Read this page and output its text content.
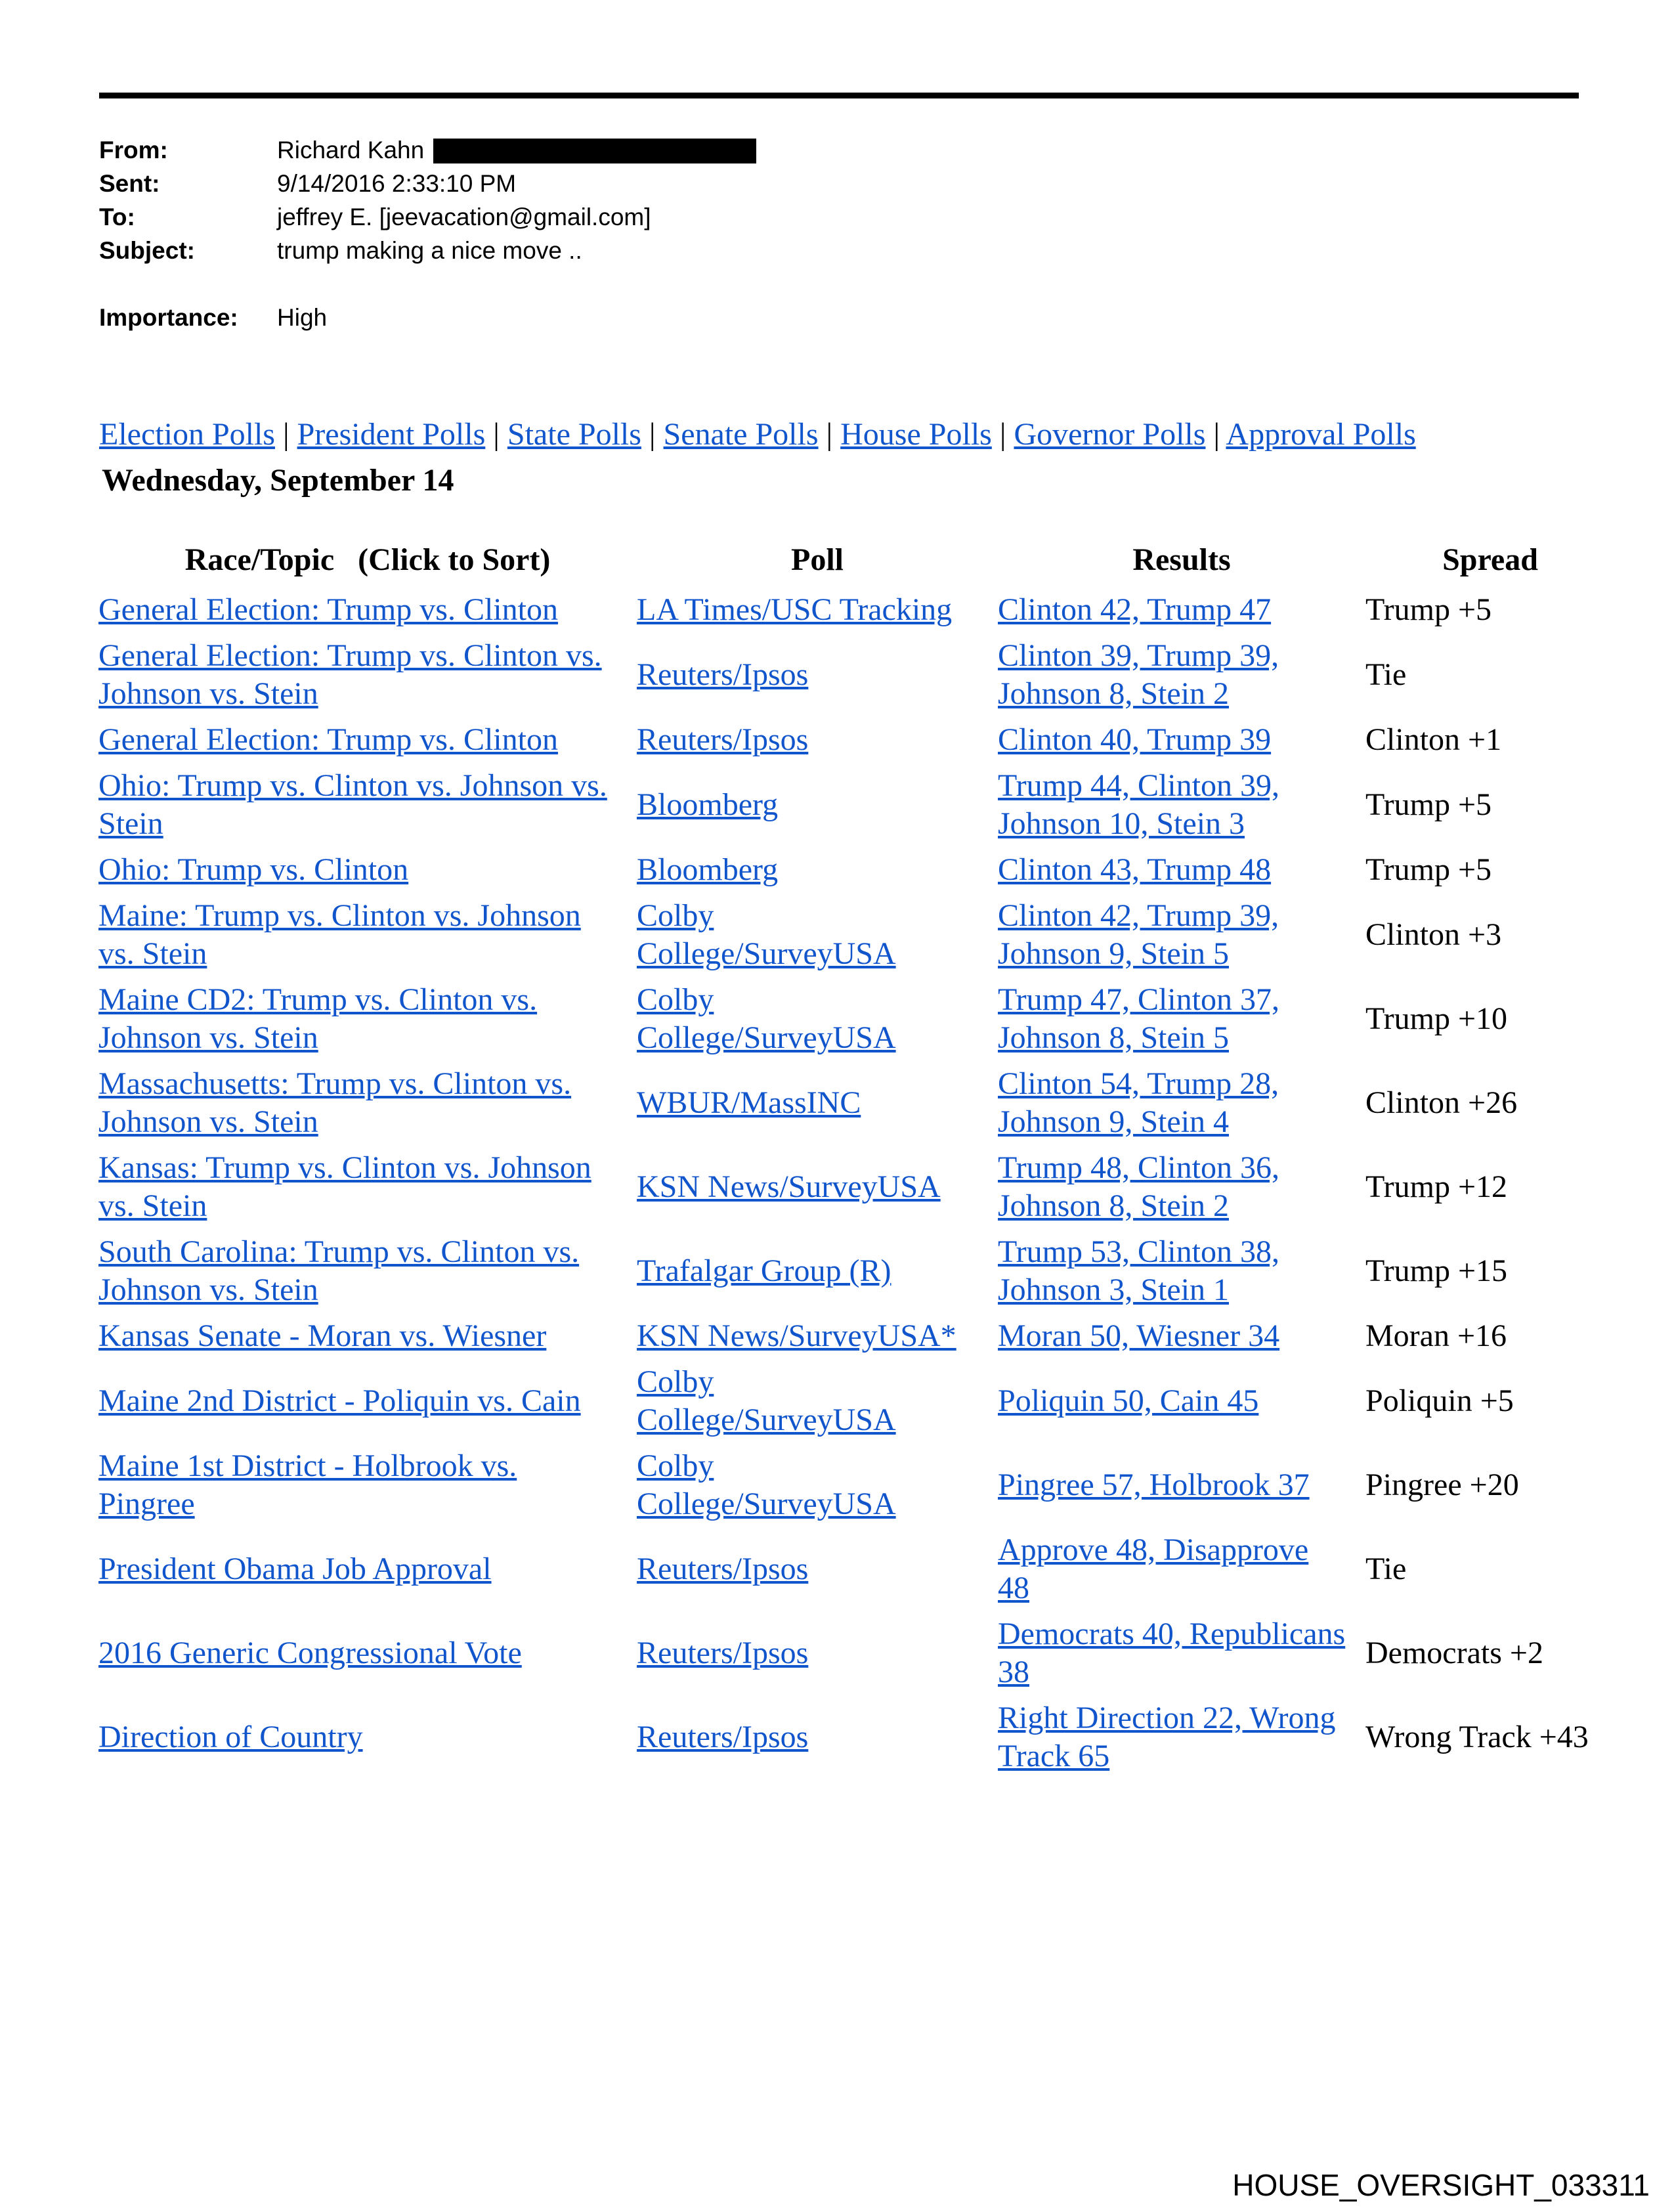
From:	Richard Kahn
Sent:	9/14/2016 2:33:10 PM
To:	jeffrey E. [jeevacation@gmail.com]
Subject:	trump making a nice move ..
Importance:	High
Election Polls | President Polls | State Polls | Senate Polls | House Polls | Governor Polls | Approval Polls
Wednesday, September 14
Race/Topic   (Click to Sort)	Poll	Results	Spread
General Election: Trump vs. Clinton	LA Times/USC Tracking	Clinton 42, Trump 47	Trump +5
General Election: Trump vs. Clinton vs. Johnson vs. Stein	Reuters/Ipsos	Clinton 39, Trump 39, Johnson 8, Stein 2	Tie
General Election: Trump vs. Clinton	Reuters/Ipsos	Clinton 40, Trump 39	Clinton +1
Ohio: Trump vs. Clinton vs. Johnson vs. Stein	Bloomberg	Trump 44, Clinton 39, Johnson 10, Stein 3	Trump +5
Ohio: Trump vs. Clinton	Bloomberg	Clinton 43, Trump 48	Trump +5
Maine: Trump vs. Clinton vs. Johnson vs. Stein	Colby College/SurveyUSA	Clinton 42, Trump 39, Johnson 9, Stein 5	Clinton +3
Maine CD2: Trump vs. Clinton vs. Johnson vs. Stein	Colby College/SurveyUSA	Trump 47, Clinton 37, Johnson 8, Stein 5	Trump +10
Massachusetts: Trump vs. Clinton vs. Johnson vs. Stein	WBUR/MassINC	Clinton 54, Trump 28, Johnson 9, Stein 4	Clinton +26
Kansas: Trump vs. Clinton vs. Johnson vs. Stein	KSN News/SurveyUSA	Trump 48, Clinton 36, Johnson 8, Stein 2	Trump +12
South Carolina: Trump vs. Clinton vs. Johnson vs. Stein	Trafalgar Group (R)	Trump 53, Clinton 38, Johnson 3, Stein 1	Trump +15
Kansas Senate - Moran vs. Wiesner	KSN News/SurveyUSA*	Moran 50, Wiesner 34	Moran +16
Maine 2nd District - Poliquin vs. Cain	Colby College/SurveyUSA	Poliquin 50, Cain 45	Poliquin +5
Maine 1st District - Holbrook vs. Pingree	Colby College/SurveyUSA	Pingree 57, Holbrook 37	Pingree +20
President Obama Job Approval	Reuters/Ipsos	Approve 48, Disapprove 48	Tie
2016 Generic Congressional Vote	Reuters/Ipsos	Democrats 40, Republicans 38	Democrats +2
Direction of Country	Reuters/Ipsos	Right Direction 22, Wrong Track 65	Wrong Track +43
HOUSE_OVERSIGHT_033311
